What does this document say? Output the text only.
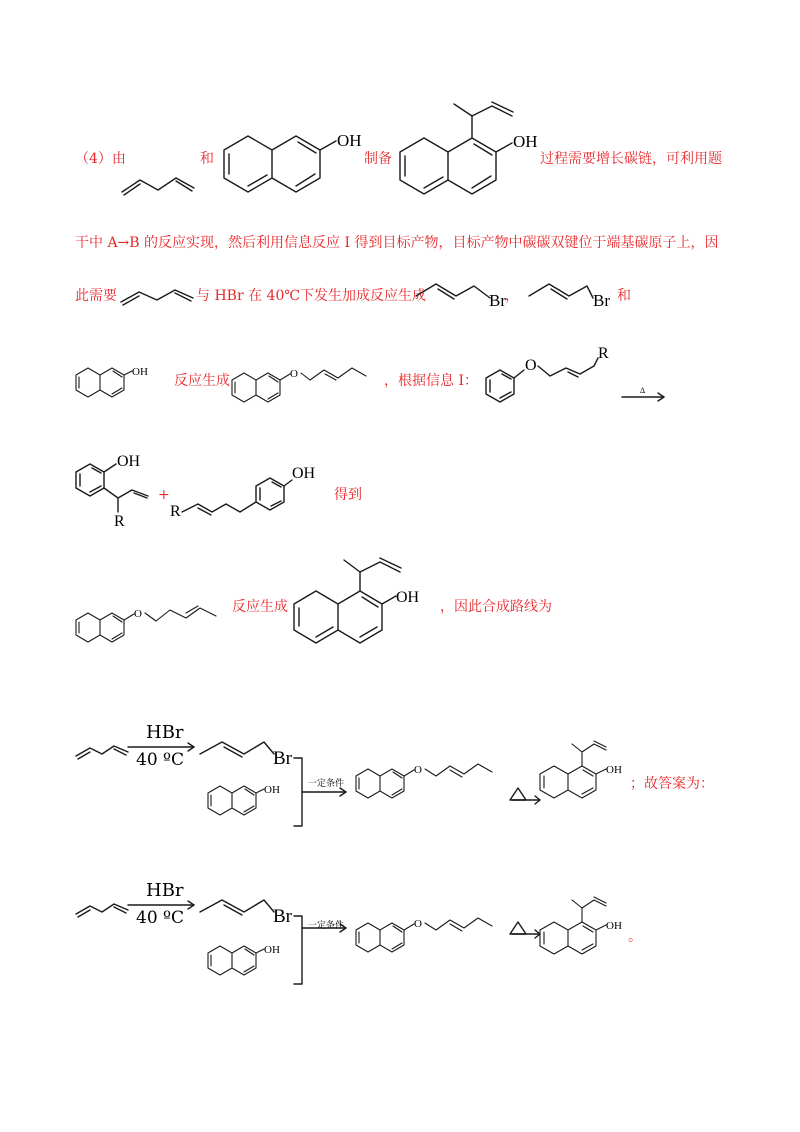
（4）由	和
OH
制备
OH
过程需要增长碳链，可利用题
干中 A→B 的反应实现，然后利用信息反应 I 得到目标产物，目标产物中碳碳双键位于端基碳原子上，因
此需要	与 HBr 在 40℃下发生加成反应生成	Br ，	Br 和
OH
反应生成	O	，根据信息 I：
O
R
Δ
OH
R
+
R
OH
得到
O	反应生成
OH
，因此合成路线为
HBr
40 ºC	Br
一定条件
OH
O	OH
；故答案为：
HBr
40 ºC	Br 一定条件
OH
O	OH
。
